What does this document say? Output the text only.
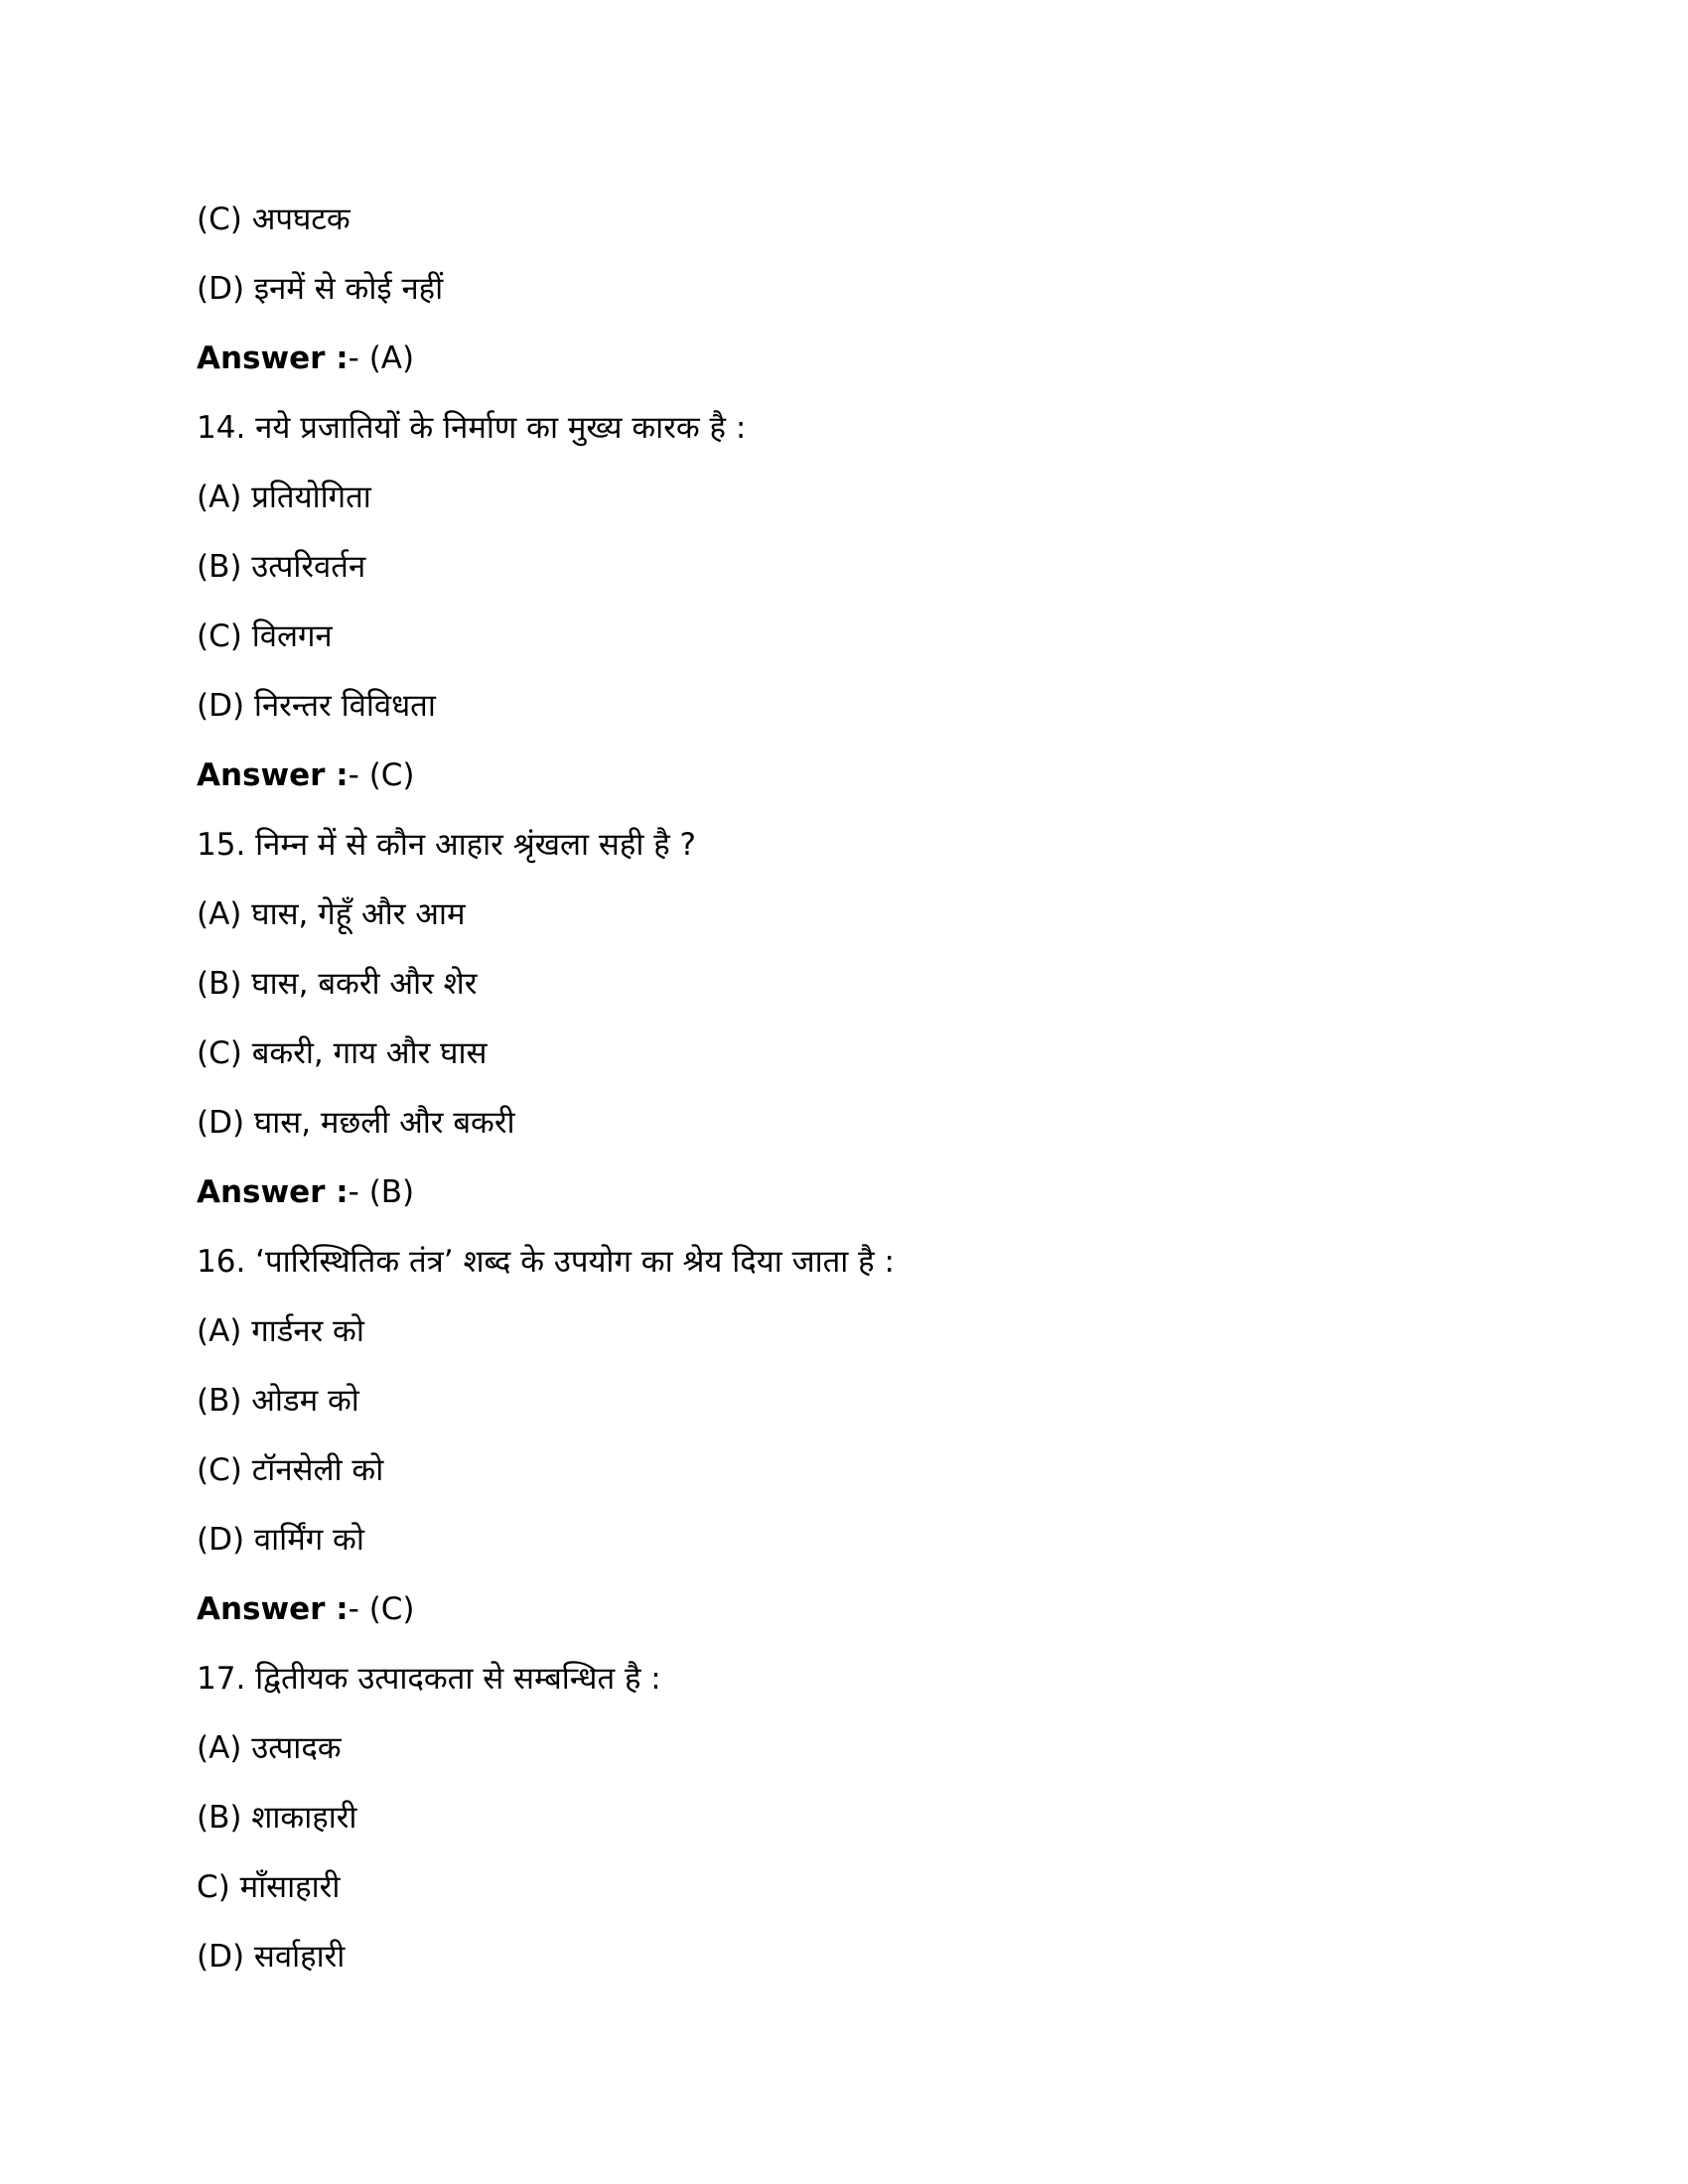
(C) अपघटक
(D) इनमें से कोई नहीं
Answer :- (A)
14. नये प्रजातियों के निर्माण का मुख्य कारक है :
(A) प्रतियोगिता
(B) उत्परिवर्तन
(C) विलगन
(D) निरन्तर विविधता
Answer :- (C)
15. निम्न में से कौन आहार श्रृंखला सही है ?
(A) घास, गेहूँ और आम
(B) घास, बकरी और शेर
(C) बकरी, गाय और घास
(D) घास, मछली और बकरी
Answer :- (B)
16. ‘पारिस्थितिक तंत्र’ शब्द के उपयोग का श्रेय दिया जाता है :
(A) गार्डनर को
(B) ओडम को
(C) टॉनसेली को
(D) वार्मिंग को
Answer :- (C)
17. द्वितीयक उत्पादकता से सम्बन्धित है :
(A) उत्पादक
(B) शाकाहारी
C) माँसाहारी
(D) सर्वाहारी
